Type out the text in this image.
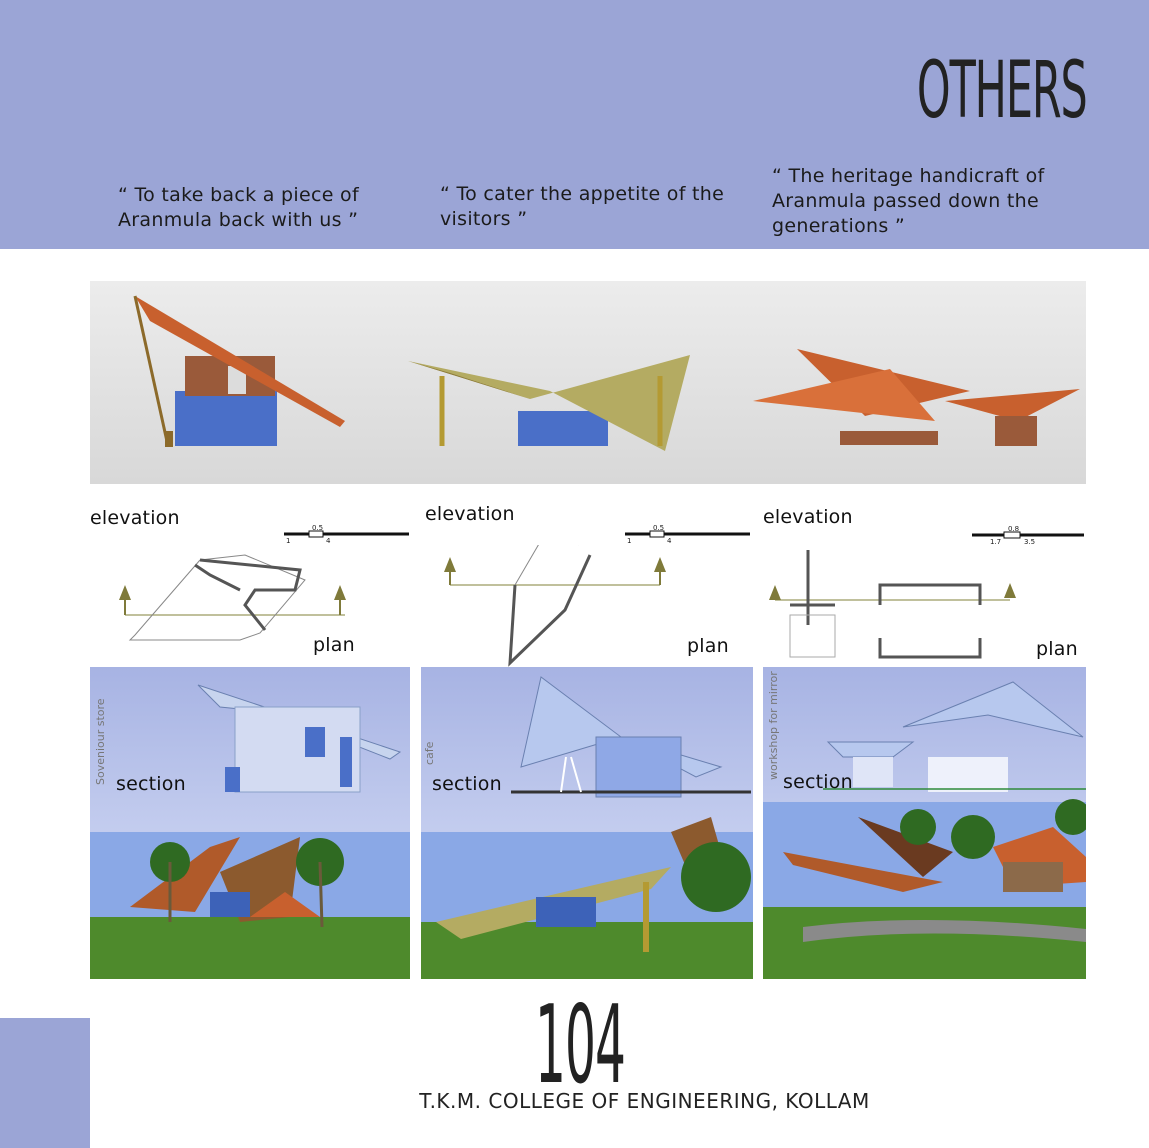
OTHERS
“ To take back a piece of Aranmula back with us ”
“ To cater the appetite of the visitors ”
“ The heritage handicraft of Aranmula passed down the generations ”
elevation	elevation	elevation
1
0.5
4	1
0.5
4	1.7
0.8
3.5
plan	plan	plan
Soveniour store section
cafe
section
workshop for mirror
section
104
T.K.M. COLLEGE OF ENGINEERING, KOLLAM
